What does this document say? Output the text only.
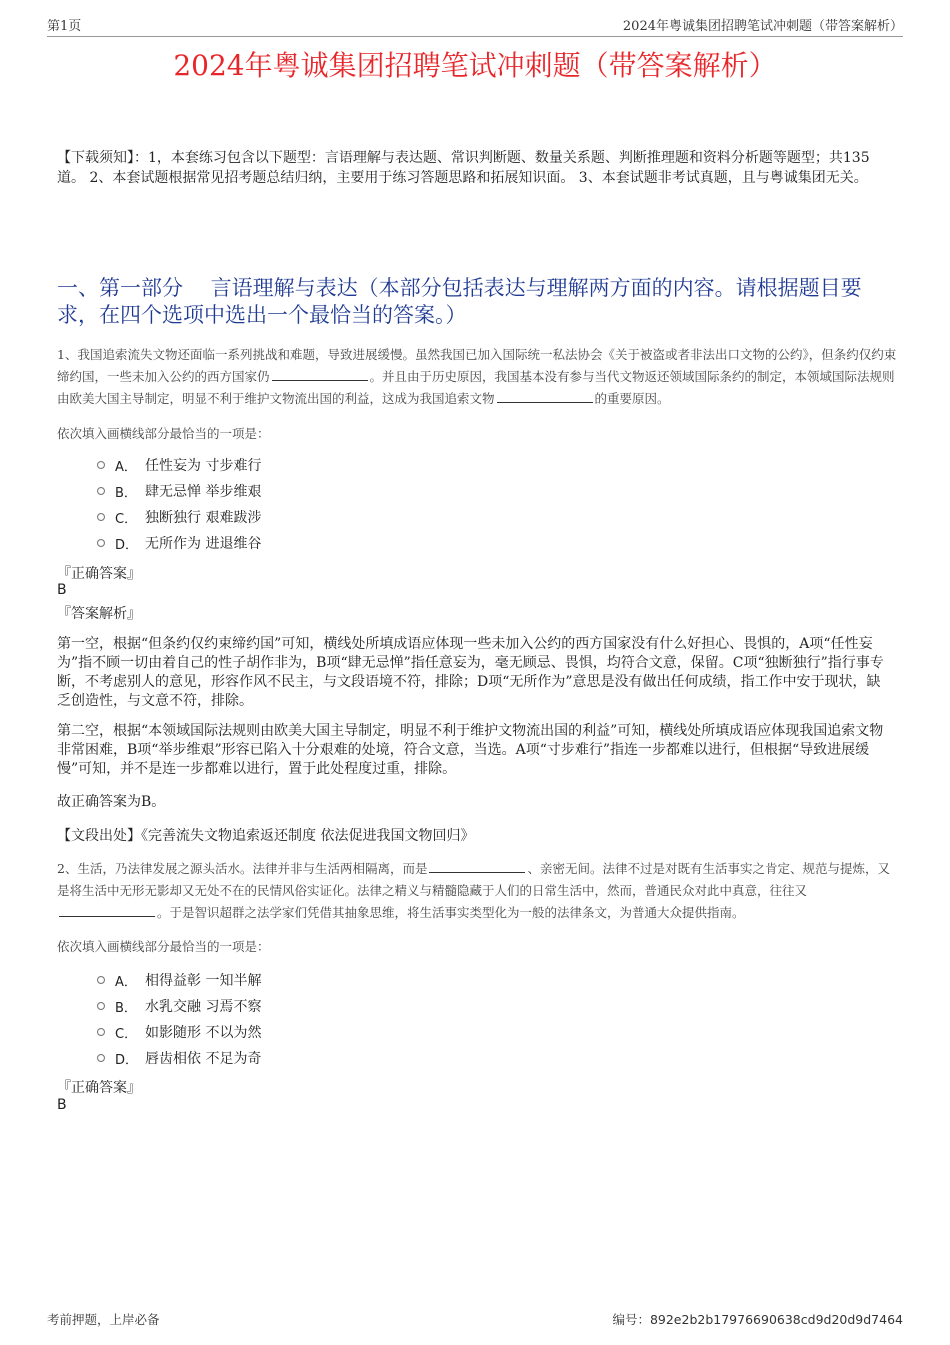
第1页	2024年粤诚集团招聘笔试冲刺题（带答案解析）
2024年粤诚集团招聘笔试冲刺题（带答案解析）
【下载须知】：1，本套练习包含以下题型：言语理解与表达题、常识判断题、数量关系题、判断推理题和资料分析题等题型；共135道。 2、本套试题根据常见招考题总结归纳，主要用于练习答题思路和拓展知识面。 3、本套试题非考试真题，且与粤诚集团无关。
一、第一部分　 言语理解与表达（本部分包括表达与理解两方面的内容。请根据题目要求，在四个选项中选出一个最恰当的答案。）
1、我国追索流失文物还面临一系列挑战和难题，导致进展缓慢。虽然我国已加入国际统一私法协会《关于被盗或者非法出口文物的公约》，但条约仅约束缔约国，一些未加入公约的西方国家仍	。并且由于历史原因，我国基本没有参与当代文物返还领域国际条约的制定，本领域国际法规则由欧美大国主导制定，明显不利于维护文物流出国的利益，这成为我国追索文物	的重要原因。
依次填入画横线部分最恰当的一项是：
A． 任性妄为 寸步难行
B． 肆无忌惮 举步维艰
C． 独断独行 艰难跋涉
D． 无所作为 进退维谷
『正确答案』
B
『答案解析』

第一空，根据“但条约仅约束缔约国”可知，横线处所填成语应体现一些未加入公约的西方国家没有什么好担心、畏惧的，A项“任性妄为”指不顾一切由着自己的性子胡作非为，B项“肆无忌惮”指任意妄为，毫无顾忌、畏惧，均符合文意，保留。C项“独断独行”指行事专断，不考虑别人的意见，形容作风不民主，与文段语境不符，排除；D项“无所作为”意思是没有做出任何成绩，指工作中安于现状，缺乏创造性，与文意不符，排除。

第二空，根据“本领域国际法规则由欧美大国主导制定，明显不利于维护文物流出国的利益”可知，横线处所填成语应体现我国追索文物非常困难，B项“举步维艰”形容已陷入十分艰难的处境，符合文意，当选。A项“寸步难行”指连一步都难以进行，但根据“导致进展缓慢”可知，并不是连一步都难以进行，置于此处程度过重，排除。

故正确答案为B。

【文段出处】《完善流失文物追索返还制度 依法促进我国文物回归》

2、生活，乃法律发展之源头活水。法律并非与生活两相隔离，而是	、亲密无间。法律不过是对既有生活事实之肯定、规范与提炼，又是将生活中无形无影却又无处不在的民情风俗实证化。法律之精义与精髓隐藏于人们的日常生活中，然而，普通民众对此中真意，往往又。于是智识超群之法学家们凭借其抽象思维，将生活事实类型化为一般的法律条文，为普通大众提供指南。
依次填入画横线部分最恰当的一项是：
A． 相得益彰 一知半解
B． 水乳交融 习焉不察
C． 如影随形 不以为然
D． 唇齿相依 不足为奇
『正确答案』
B
考前押题，上岸必备	编号：892e2b2b17976690638cd9d20d9d7464
